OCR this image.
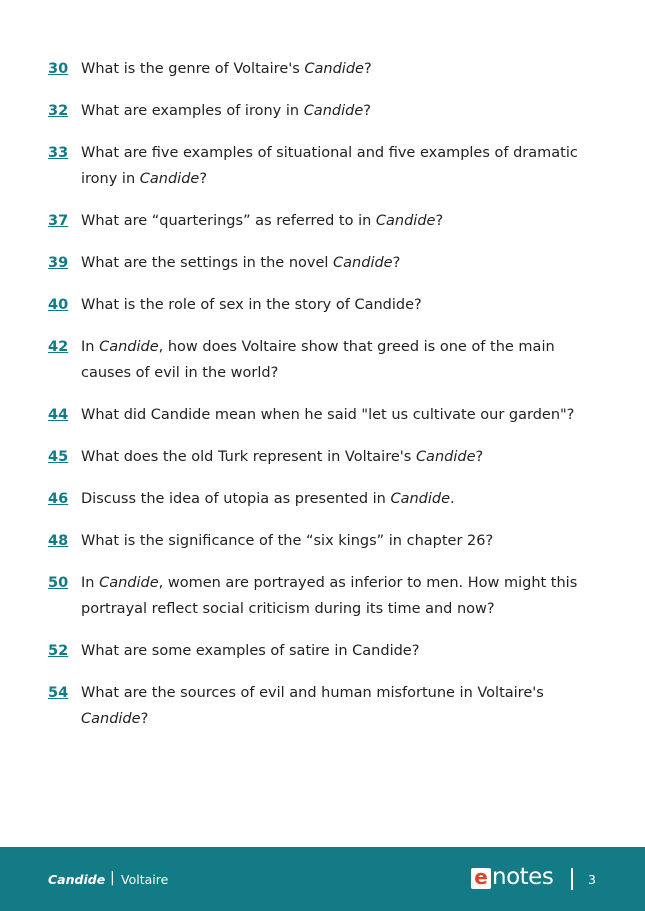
30 What is the genre of Voltaire's Candide?
32 What are examples of irony in Candide?
33 What are five examples of situational and five examples of dramatic irony in Candide?
37 What are “quarterings” as referred to in Candide?
39 What are the settings in the novel Candide?
40 What is the role of sex in the story of Candide?
42 In Candide, how does Voltaire show that greed is one of the main causes of evil in the world?
44 What did Candide mean when he said "let us cultivate our garden"?
45 What does the old Turk represent in Voltaire's Candide?
46 Discuss the idea of utopia as presented in Candide.
48 What is the significance of the “six kings” in chapter 26?
50 In Candide, women are portrayed as inferior to men. How might this portrayal reflect social criticism during its time and now?
52 What are some examples of satire in Candide?
54 What are the sources of evil and human misfortune in Voltaire's Candide?
Candide | Voltaire	e notes	3
